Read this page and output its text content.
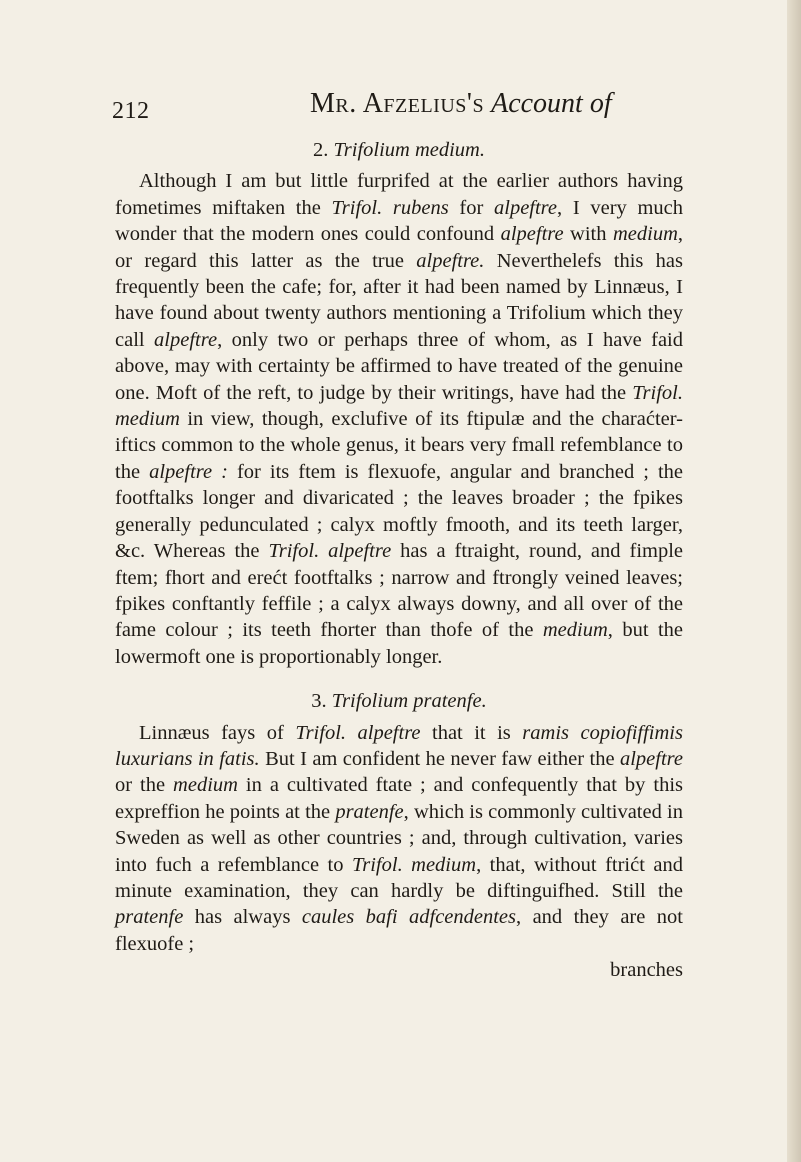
212	Mr. Afzelius's Account of

2. Trifolium medium.

Although I am but little furprifed at the earlier authors having fometimes miftaken the Trifol. rubens for alpeftre, I very much wonder that the modern ones could confound alpeftre with medium, or regard this latter as the true alpeftre. Neverthelefs this has frequently been the cafe; for, after it had been named by Linnæus, I have found about twenty authors mentioning a Trifolium which they call alpeftre, only two or perhaps three of whom, as I have faid above, may with certainty be affirmed to have treated of the genuine one. Moft of the reft, to judge by their writings, have had the Trifol. medium in view, though, exclufive of its ftipulæ and the charaćter-iftics common to the whole genus, it bears very fmall refemblance to the alpeftre : for its ftem is flexuofe, angular and branched ; the footftalks longer and divaricated ; the leaves broader ; the fpikes generally pedunculated ; calyx moftly fmooth, and its teeth larger, &c. Whereas the Trifol. alpeftre has a ftraight, round, and fimple ftem; fhort and erećt footftalks ; narrow and ftrongly veined leaves; fpikes conftantly feffile ; a calyx always downy, and all over of the fame colour ; its teeth fhorter than thofe of the medium, but the lowermoft one is proportionably longer.

3. Trifolium pratenfe.

Linnæus fays of Trifol. alpeftre that it is ramis copiofiffimis luxurians in fatis. But I am confident he never faw either the alpeftre or the medium in a cultivated ftate ; and confequently that by this expreffion he points at the pratenfe, which is commonly cultivated in Sweden as well as other countries ; and, through cultivation, varies into fuch a refemblance to Trifol. medium, that, without ftrićt and minute examination, they can hardly be diftinguifhed. Still the pratenfe has always caules bafi adfcendentes, and they are not flexuofe ;

branches
